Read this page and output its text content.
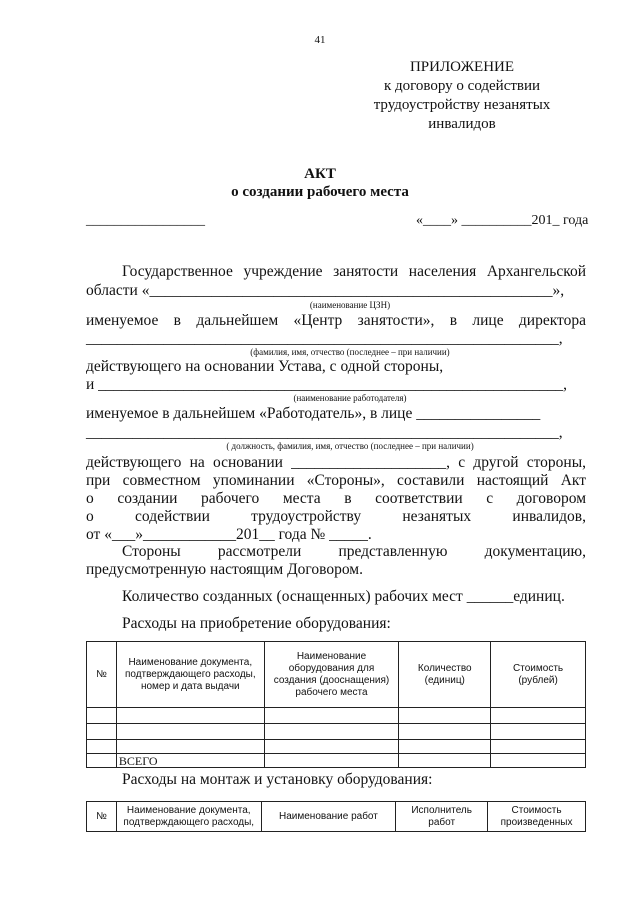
41
ПРИЛОЖЕНИЕ
к договору о содействии
трудоустройству незанятых
инвалидов
АКТ
о создании рабочего места
_________________	«____» __________201_ года
Государственное учреждение занятости населения Архангельской
области «____________________________________________________»,
(наименование ЦЗН)
именуемое в дальнейшем «Центр занятости», в лице директора
_____________________________________________________________,
(фамилия, имя, отчество (последнее – при наличии)
действующего на основании Устава, с одной стороны,
и ____________________________________________________________,
(наименование работодателя)
именуемое в дальнейшем «Работодатель», в лице ________________
_____________________________________________________________,
( должность, фамилия, имя, отчество (последнее – при наличии)
действующего на основании ____________________, с другой стороны,
при совместном упоминании «Стороны», составили настоящий Акт
о создании рабочего места в соответствии с договором
о содействии трудоустройству незанятых инвалидов,
от «___»____________201__ года № _____.
Стороны рассмотрели представленную документацию,
предусмотренную настоящим Договором.
Количество созданных (оснащенных) рабочих мест ______единиц.
Расходы на приобретение оборудования:
№	Наименование документа, подтверждающего расходы, номер и дата выдачи	Наименование оборудования для создания (дооснащения) рабочего места	Количество (единиц)	Стоимость (рублей)

	ВСЕГО			
Расходы на монтаж и установку оборудования:
№	Наименование документа, подтверждающего расходы,	Наименование работ	Исполнитель работ	Стоимость произведенных
